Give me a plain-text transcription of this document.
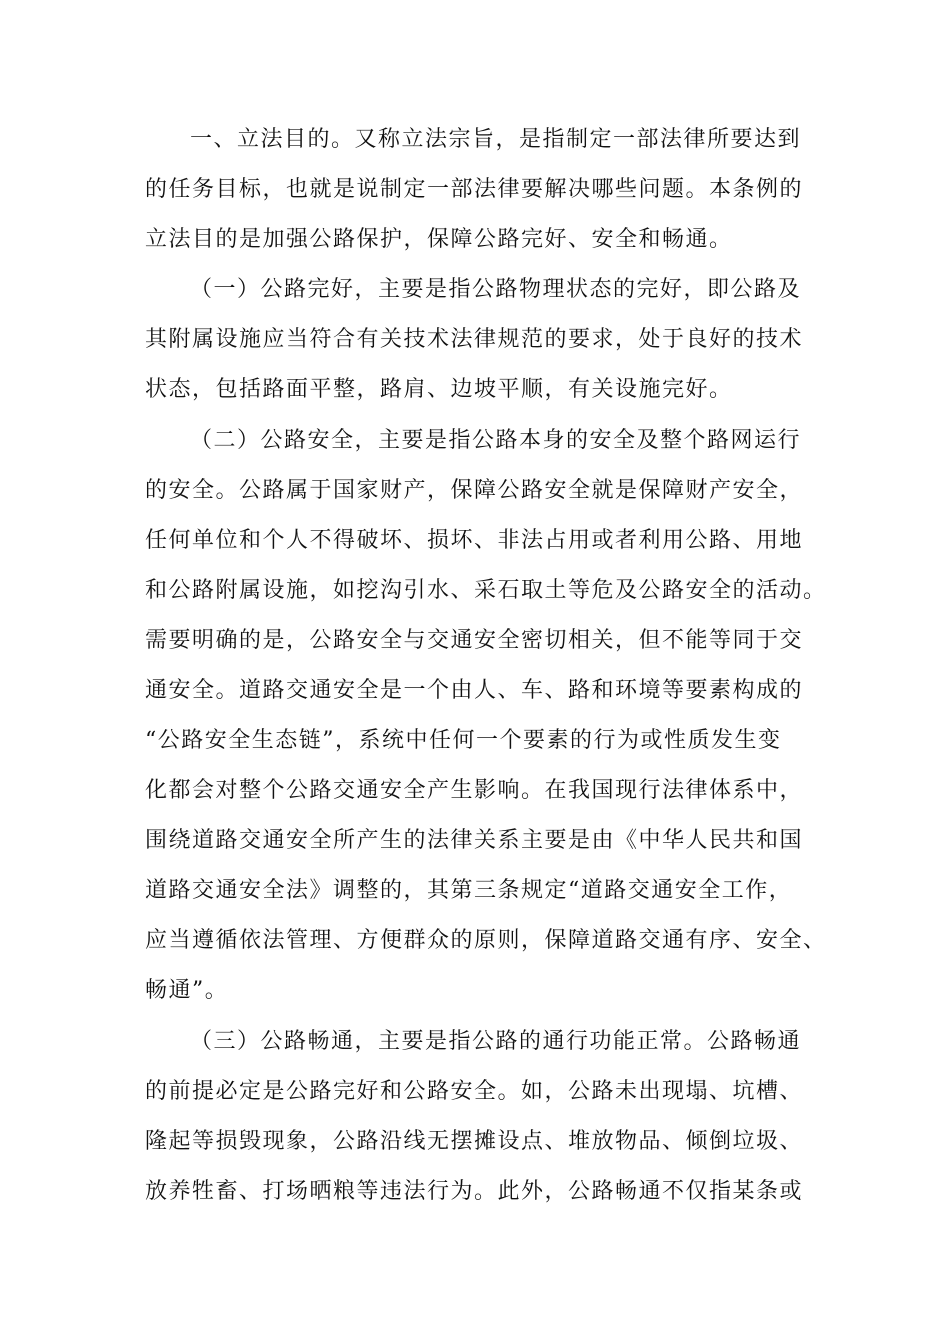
一、立法目的。又称立法宗旨，是指制定一部法律所要达到
的任务目标，也就是说制定一部法律要解决哪些问题。本条例的
立法目的是加强公路保护，保障公路完好、安全和畅通。
（一）公路完好，主要是指公路物理状态的完好，即公路及
其附属设施应当符合有关技术法律规范的要求，处于良好的技术
状态，包括路面平整，路肩、边坡平顺，有关设施完好。
（二）公路安全，主要是指公路本身的安全及整个路网运行
的安全。公路属于国家财产，保障公路安全就是保障财产安全，
任何单位和个人不得破坏、损坏、非法占用或者利用公路、用地
和公路附属设施，如挖沟引水、采石取土等危及公路安全的活动。
需要明确的是，公路安全与交通安全密切相关，但不能等同于交
通安全。道路交通安全是一个由人、车、路和环境等要素构成的
“公路安全生态链”，系统中任何一个要素的行为或性质发生变
化都会对整个公路交通安全产生影响。在我国现行法律体系中，
围绕道路交通安全所产生的法律关系主要是由《中华人民共和国
道路交通安全法》调整的，其第三条规定“道路交通安全工作，
应当遵循依法管理、方便群众的原则，保障道路交通有序、安全、
畅通”。
（三）公路畅通，主要是指公路的通行功能正常。公路畅通
的前提必定是公路完好和公路安全。如，公路未出现塌、坑槽、
隆起等损毁现象，公路沿线无摆摊设点、堆放物品、倾倒垃圾、
放养牲畜、打场晒粮等违法行为。此外，公路畅通不仅指某条或
